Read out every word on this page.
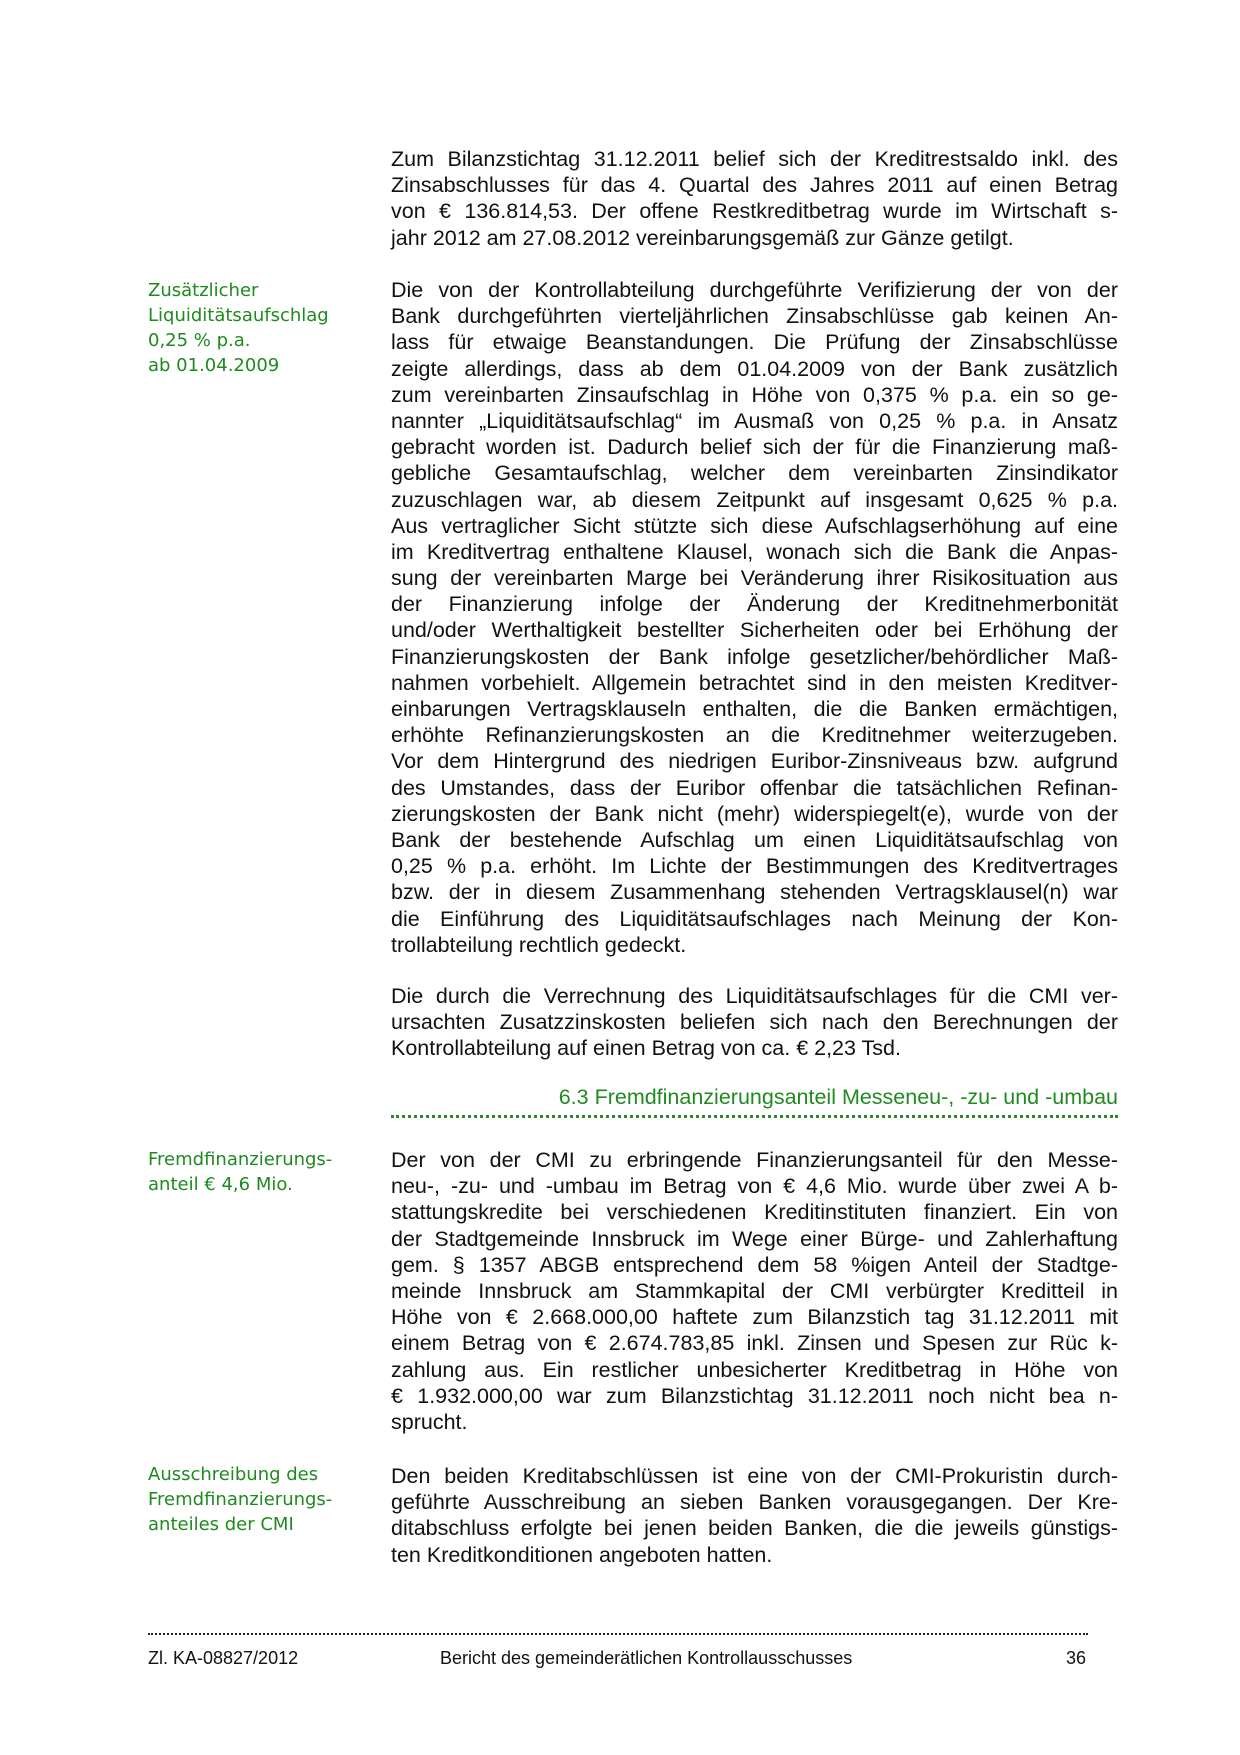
Zum Bilanzstichtag 31.12.2011 belief sich der Kreditrestsaldo inkl. des
Zinsabschlusses für das 4. Quartal des Jahres 2011 auf einen Betrag
von € 136.814,53. Der offene Restkreditbetrag wurde im Wirtschaft s-
jahr 2012 am 27.08.2012 vereinbarungsgemäß zur Gänze getilgt.
Die von der Kontrollabteilung durchgeführte Verifizierung der von der
Bank durchgeführten vierteljährlichen Zinsabschlüsse gab keinen An-
lass für etwaige Beanstandungen. Die Prüfung der Zinsabschlüsse
zeigte allerdings, dass ab dem 01.04.2009 von der Bank zusätzlich
zum vereinbarten Zinsaufschlag in Höhe von 0,375 % p.a. ein so ge-
nannter „Liquiditätsaufschlag“ im Ausmaß von 0,25 % p.a. in Ansatz
gebracht worden ist. Dadurch belief sich der für die Finanzierung maß-
gebliche Gesamtaufschlag, welcher dem vereinbarten Zinsindikator
zuzuschlagen war, ab diesem Zeitpunkt auf insgesamt 0,625 % p.a.
Aus vertraglicher Sicht stützte sich diese Aufschlagserhöhung auf eine
im Kreditvertrag enthaltene Klausel, wonach sich die Bank die Anpas-
sung der vereinbarten Marge bei Veränderung ihrer Risikosituation aus
der Finanzierung infolge der Änderung der Kreditnehmerbonität
und/oder Werthaltigkeit bestellter Sicherheiten oder bei Erhöhung der
Finanzierungskosten der Bank infolge gesetzlicher/behördlicher Maß-
nahmen vorbehielt. Allgemein betrachtet sind in den meisten Kreditver-
einbarungen Vertragsklauseln enthalten, die die Banken ermächtigen,
erhöhte Refinanzierungskosten an die Kreditnehmer weiterzugeben.
Vor dem Hintergrund des niedrigen Euribor-Zinsniveaus bzw. aufgrund
des Umstandes, dass der Euribor offenbar die tatsächlichen Refinan-
zierungskosten der Bank nicht (mehr) widerspiegelt(e), wurde von der
Bank der bestehende Aufschlag um einen Liquiditätsaufschlag von
0,25 % p.a. erhöht. Im Lichte der Bestimmungen des Kreditvertrages
bzw. der in diesem Zusammenhang stehenden Vertragsklausel(n) war
die Einführung des Liquiditätsaufschlages nach Meinung der Kon-
trollabteilung rechtlich gedeckt.
Die durch die Verrechnung des Liquiditätsaufschlages für die CMI ver-
ursachten Zusatzzinskosten beliefen sich nach den Berechnungen der
Kontrollabteilung auf einen Betrag von ca. € 2,23 Tsd.
6.3 Fremdfinanzierungsanteil Messeneu-, -zu- und -umbau
Der von der CMI zu erbringende Finanzierungsanteil für den Messe-
neu-, -zu- und -umbau im Betrag von € 4,6 Mio. wurde über zwei A b-
stattungskredite bei verschiedenen Kreditinstituten finanziert. Ein von
der Stadtgemeinde Innsbruck im Wege einer Bürge- und Zahlerhaftung
gem. § 1357 ABGB entsprechend dem 58 %igen Anteil der Stadtge-
meinde Innsbruck am Stammkapital der CMI verbürgter Kreditteil in
Höhe von € 2.668.000,00 haftete zum Bilanzstich tag 31.12.2011 mit
einem Betrag von € 2.674.783,85 inkl. Zinsen und Spesen zur Rüc k-
zahlung aus. Ein restlicher unbesicherter Kreditbetrag in Höhe von
€ 1.932.000,00 war zum Bilanzstichtag 31.12.2011 noch nicht bea n-
sprucht.
Den beiden Kreditabschlüssen ist eine von der CMI-Prokuristin durch-
geführte Ausschreibung an sieben Banken vorausgegangen. Der Kre-
ditabschluss erfolgte bei jenen beiden Banken, die die jeweils günstigs-
ten Kreditkonditionen angeboten hatten.
Zusätzlicher
Liquiditätsaufschlag
0,25 % p.a.
ab 01.04.2009
Fremdfinanzierungs-
anteil € 4,6 Mio.
Ausschreibung des
Fremdfinanzierungs-
anteiles der CMI
Zl. KA-08827/2012	Bericht des gemeinderätlichen Kontrollausschusses	36
